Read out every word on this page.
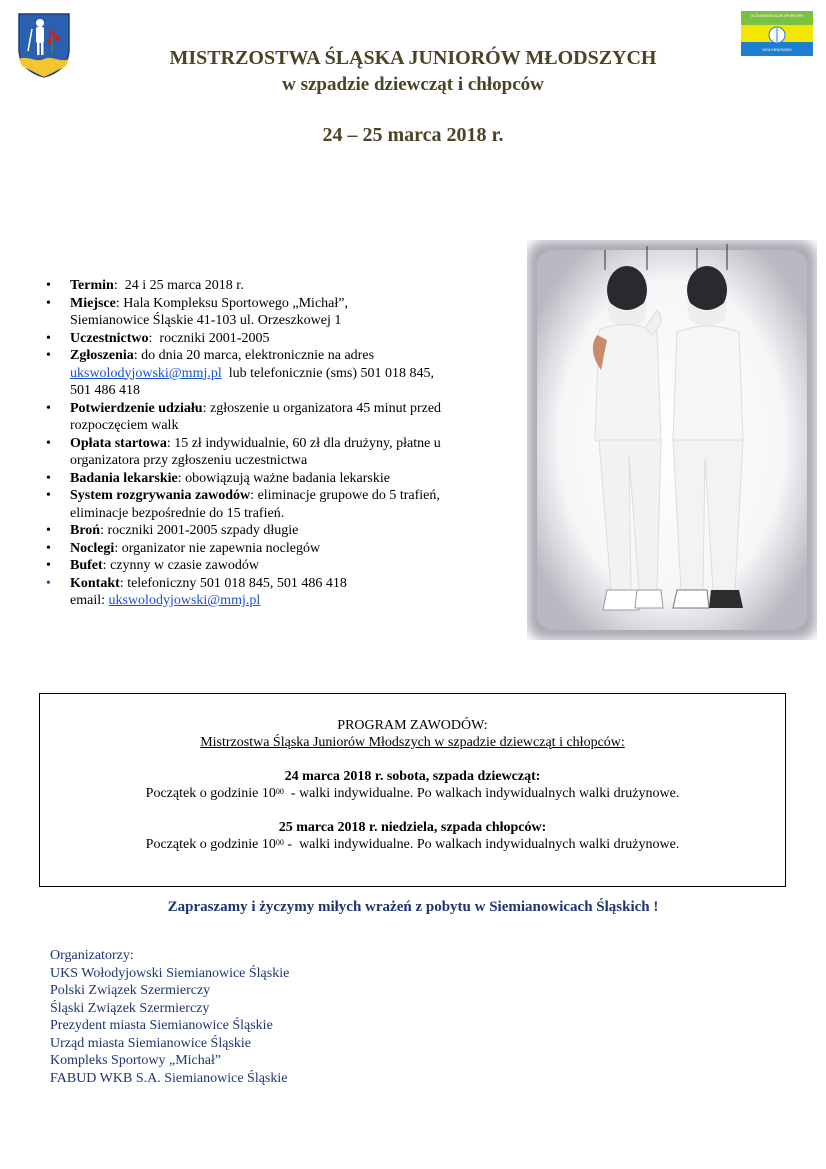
UCZNIOWSKI KLUB SPORTOWY
WOŁODYJOWSKI
MISTRZOSTWA ŚLĄSKA JUNIORÓW MŁODSZYCH
w szpadzie dziewcząt i chłopców
24 – 25 marca 2018 r.
• Termin:  24 i 25 marca 2018 r.
• Miejsce: Hala Kompleksu Sportowego „Michał”,
Siemianowice Śląskie 41-103 ul. Orzeszkowej 1
• Uczestnictwo:  roczniki 2001-2005
• Zgłoszenia: do dnia 20 marca, elektronicznie na adres
ukswolodyjowski@mmj.pl  lub telefonicznie (sms) 501 018 845,
501 486 418
• Potwierdzenie udziału: zgłoszenie u organizatora 45 minut przed
rozpoczęciem walk
• Opłata startowa: 15 zł indywidualnie, 60 zł dla drużyny, płatne u
organizatora przy zgłoszeniu uczestnictwa
• Badania lekarskie: obowiązują ważne badania lekarskie
• System rozgrywania zawodów: eliminacje grupowe do 5 trafień,
eliminacje bezpośrednie do 15 trafień.
• Broń: roczniki 2001-2005 szpady długie
• Noclegi: organizator nie zapewnia noclegów
• Bufet: czynny w czasie zawodów
• Kontakt: telefoniczny 501 018 845, 501 486 418
email: ukswolodyjowski@mmj.pl
PROGRAM ZAWODÓW:
Mistrzostwa Śląska Juniorów Młodszych w szpadzie dziewcząt i chłopców:
24 marca 2018 r. sobota, szpada dziewcząt:
Początek o godzinie $10^{00}$  - walki indywidualne. Po walkach indywidualnych walki drużynowe.
25 marca 2018 r. niedziela, szpada chłopców:
Początek o godzinie $10^{00}$ -  walki indywidualne. Po walkach indywidualnych walki drużynowe.
Zapraszamy i życzymy miłych wrażeń z pobytu w Siemianowicach Śląskich !
Organizatorzy:
UKS Wołodyjowski Siemianowice Śląskie
Polski Związek Szermierczy
Śląski Związek Szermierczy
Prezydent miasta Siemianowice Śląskie
Urząd miasta Siemianowice Śląskie
Kompleks Sportowy „Michał”
FABUD WKB S.A. Siemianowice Śląskie
